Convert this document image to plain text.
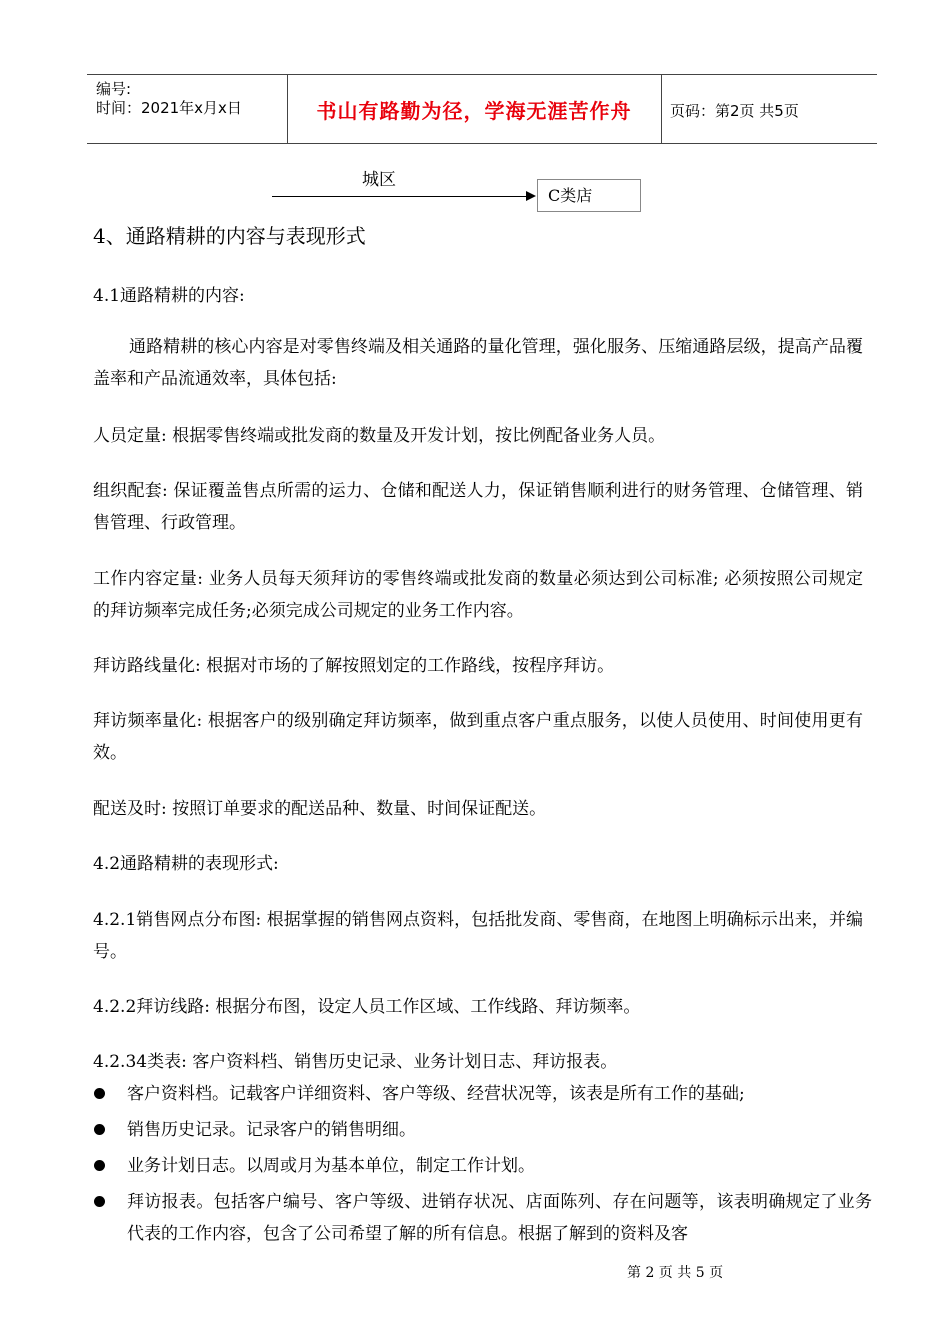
编号:
时间：2021年x月x日	书山有路勤为径，学海无涯苦作舟	页码：第2页 共5页
城区
C类店
4、通路精耕的内容与表现形式
4.1通路精耕的内容:
通路精耕的核心内容是对零售终端及相关通路的量化管理，强化服务、压缩通路层级，提高产品覆盖率和产品流通效率，具体包括:
人员定量: 根据零售终端或批发商的数量及开发计划，按比例配备业务人员。
组织配套: 保证覆盖售点所需的运力、仓储和配送人力，保证销售顺利进行的财务管理、仓储管理、销售管理、行政管理。
工作内容定量: 业务人员每天须拜访的零售终端或批发商的数量必须达到公司标准; 必须按照公司规定的拜访频率完成任务;必须完成公司规定的业务工作内容。
拜访路线量化: 根据对市场的了解按照划定的工作路线，按程序拜访。
拜访频率量化: 根据客户的级别确定拜访频率，做到重点客户重点服务，以使人员使用、时间使用更有效。
配送及时: 按照订单要求的配送品种、数量、时间保证配送。
4.2通路精耕的表现形式:
4.2.1销售网点分布图: 根据掌握的销售网点资料，包括批发商、零售商，在地图上明确标示出来，并编号。
4.2.2拜访线路: 根据分布图，设定人员工作区域、工作线路、拜访频率。
4.2.34类表: 客户资料档、销售历史记录、业务计划日志、拜访报表。
客户资料档。记载客户详细资料、客户等级、经营状况等，该表是所有工作的基础;
销售历史记录。记录客户的销售明细。
业务计划日志。以周或月为基本单位，制定工作计划。
拜访报表。包括客户编号、客户等级、进销存状况、店面陈列、存在问题等，该表明确规定了业务代表的工作内容，包含了公司希望了解的所有信息。根据了解到的资料及客
第 2 页 共 5 页
